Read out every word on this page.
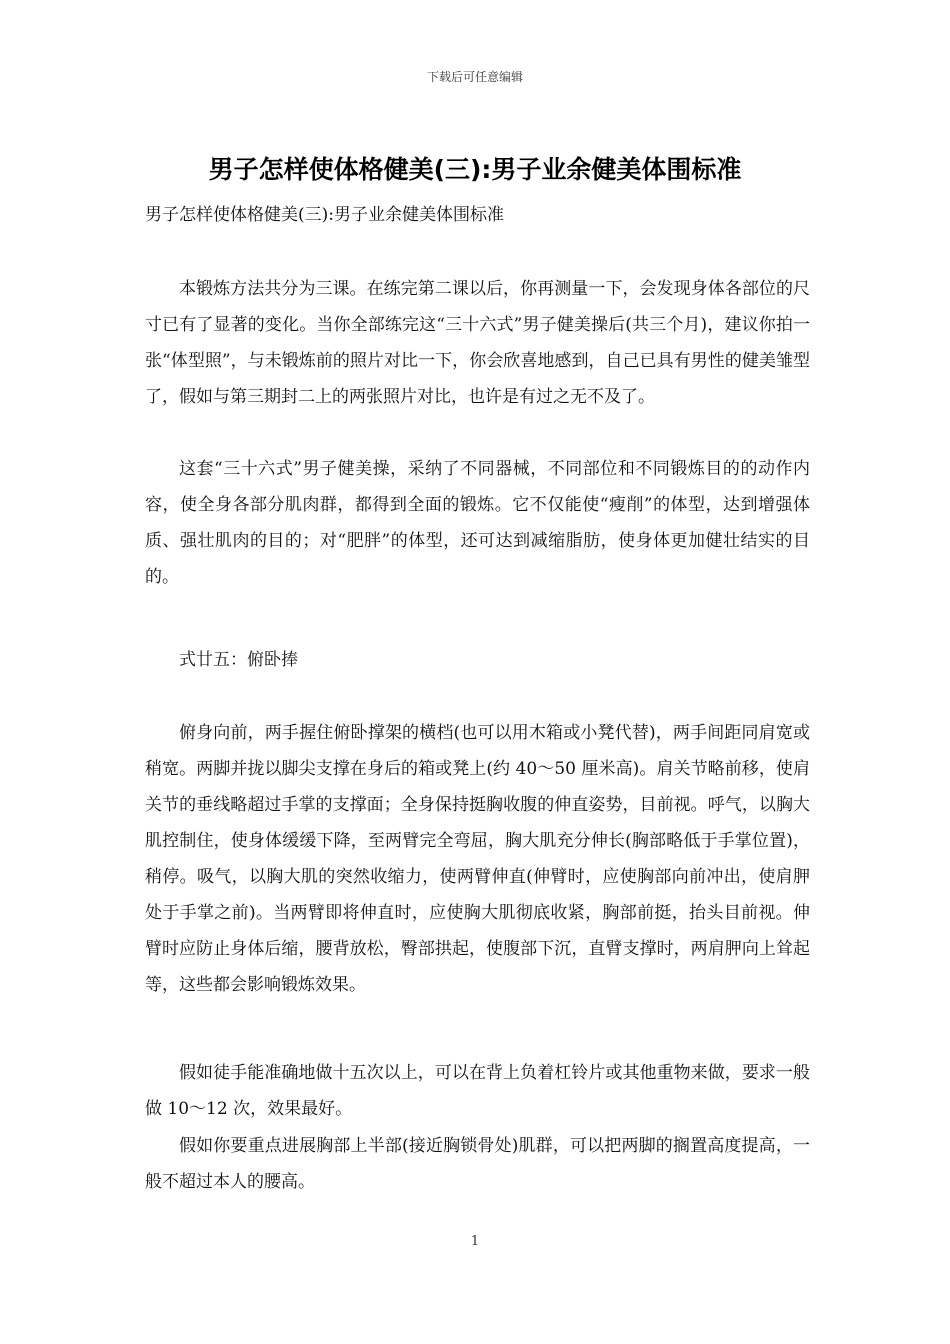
下载后可任意编辑
男子怎样使体格健美(三):男子业余健美体围标准

男子怎样使体格健美(三):男子业余健美体围标准

本锻炼方法共分为三课。在练完第二课以后，你再测量一下，会发现身体各部位的尺寸已有了显著的变化。当你全部练完这“三十六式”男子健美操后(共三个月)，建议你拍一张“体型照”，与未锻炼前的照片对比一下，你会欣喜地感到，自己已具有男性的健美雏型了，假如与第三期封二上的两张照片对比，也许是有过之无不及了。

这套“三十六式”男子健美操，采纳了不同器械，不同部位和不同锻炼目的的动作内容，使全身各部分肌肉群，都得到全面的锻炼。它不仅能使“瘦削”的体型，达到增强体质、强壮肌肉的目的；对“肥胖”的体型，还可达到减缩脂肪，使身体更加健壮结实的目的。

式廿五：俯卧捧

俯身向前，两手握住俯卧撑架的横档(也可以用木箱或小凳代替)，两手间距同肩宽或稍宽。两脚并拢以脚尖支撑在身后的箱或凳上(约 40～50 厘米高)。肩关节略前移，使肩关节的垂线略超过手掌的支撑面；全身保持挺胸收腹的伸直姿势，目前视。呼气，以胸大肌控制住，使身体缓缓下降，至两臂完全弯屈，胸大肌充分伸长(胸部略低于手掌位置)，稍停。吸气，以胸大肌的突然收缩力，使两臂伸直(伸臂时，应使胸部向前冲出，使肩胛处于手掌之前)。当两臂即将伸直时，应使胸大肌彻底收紧，胸部前挺，抬头目前视。伸臂时应防止身体后缩，腰背放松，臀部拱起，使腹部下沉，直臂支撑时，两肩胛向上耸起等，这些都会影响锻炼效果。

假如徒手能准确地做十五次以上，可以在背上负着杠铃片或其他重物来做，要求一般做 10～12 次，效果最好。

假如你要重点进展胸部上半部(接近胸锁骨处)肌群，可以把两脚的搁置高度提高，一般不超过本人的腰高。

1
